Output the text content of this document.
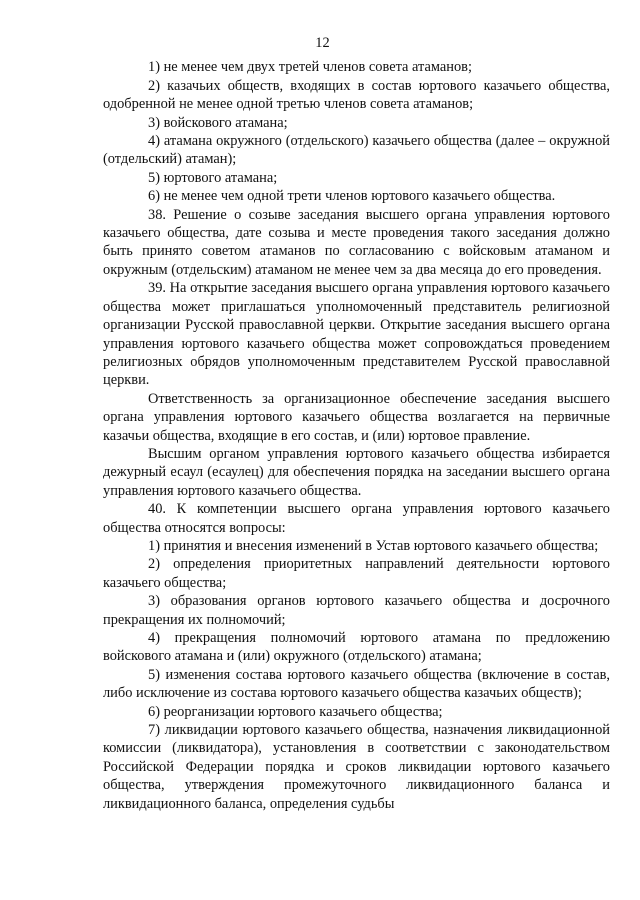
12

1) не менее чем двух третей членов совета атаманов;

2) казачьих обществ, входящих в состав юртового казачьего общества, одобренной не менее одной третью членов совета атаманов;

3) войскового атамана;

4) атамана окружного (отдельского) казачьего общества (далее – окружной (отдельский) атаман);

5) юртового атамана;

6) не менее чем одной трети членов юртового казачьего общества.

38. Решение о созыве заседания высшего органа управления юртового казачьего общества, дате созыва и месте проведения такого заседания должно быть принято советом атаманов по согласованию с войсковым атаманом и окружным (отдельским) атаманом не менее чем за два месяца до его проведения.

39. На открытие заседания высшего органа управления юртового казачьего общества может приглашаться уполномоченный представитель религиозной организации Русской православной церкви. Открытие заседания высшего органа управления юртового казачьего общества может сопровождаться проведением религиозных обрядов уполномоченным представителем Русской православной церкви.

Ответственность за организационное обеспечение заседания высшего органа управления юртового казачьего общества возлагается на первичные казачьи общества, входящие в его состав, и (или) юртовое правление.

Высшим органом управления юртового казачьего общества избирается дежурный есаул (есаулец) для обеспечения порядка на заседании высшего органа управления юртового казачьего общества.

40. К компетенции высшего органа управления юртового казачьего общества относятся вопросы:

1) принятия и внесения изменений в Устав юртового казачьего общества;

2) определения приоритетных направлений деятельности юртового казачьего общества;

3) образования органов юртового казачьего общества и досрочного прекращения их полномочий;

4) прекращения полномочий юртового атамана по предложению войскового атамана и (или) окружного (отдельского) атамана;

5) изменения состава юртового казачьего общества (включение в состав, либо исключение из состава юртового казачьего общества казачьих обществ);

6) реорганизации юртового казачьего общества;

7) ликвидации юртового казачьего общества, назначения ликвидационной комиссии (ликвидатора), установления в соответствии с законодательством Российской Федерации порядка и сроков ликвидации юртового казачьего общества, утверждения промежуточного ликвидационного баланса и ликвидационного баланса, определения судьбы
